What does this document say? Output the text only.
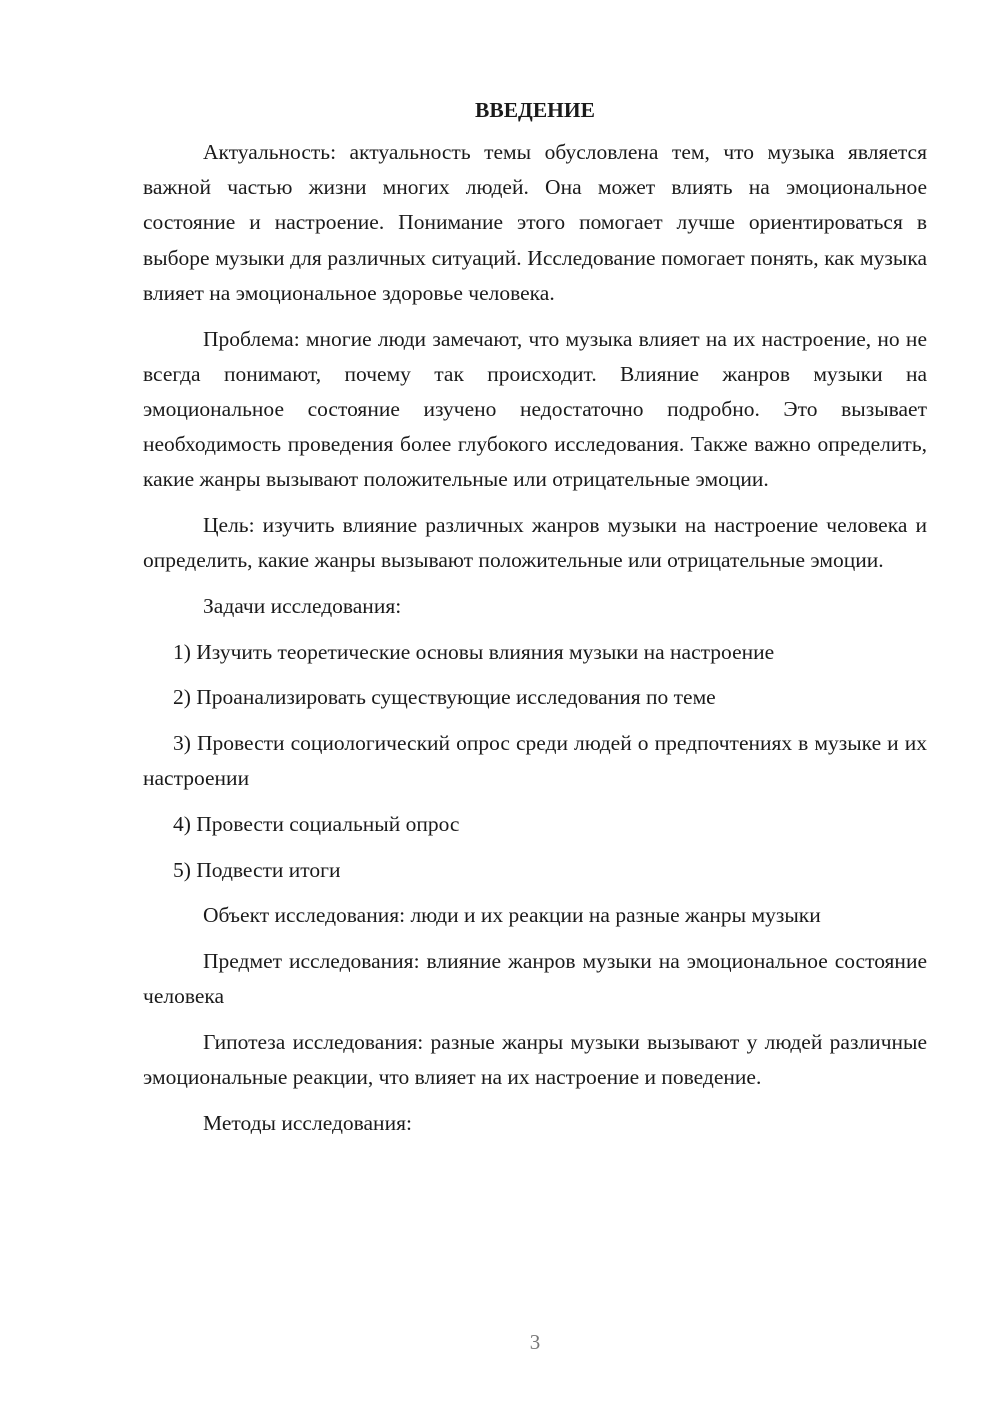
ВВЕДЕНИЕ

Актуальность: актуальность темы обусловлена тем, что музыка является важной частью жизни многих людей. Она может влиять на эмоциональное состояние и настроение. Понимание этого помогает лучше ориентироваться в выборе музыки для различных ситуаций. Исследование помогает понять, как музыка влияет на эмоциональное здоровье человека.

Проблема: многие люди замечают, что музыка влияет на их настроение, но не всегда понимают, почему так происходит. Влияние жанров музыки на эмоциональное состояние изучено недостаточно подробно. Это вызывает необходимость проведения более глубокого исследования. Также важно определить, какие жанры вызывают положительные или отрицательные эмоции.

Цель: изучить влияние различных жанров музыки на настроение человека и определить, какие жанры вызывают положительные или отрицательные эмоции.

Задачи исследования:

1) Изучить теоретические основы влияния музыки на настроение

2) Проанализировать существующие исследования по теме

3) Провести социологический опрос среди людей о предпочтениях в музыке и их настроении

4) Провести социальный опрос

5) Подвести итоги

Объект исследования: люди и их реакции на разные жанры музыки

Предмет исследования: влияние жанров музыки на эмоциональное состояние человека

Гипотеза исследования: разные жанры музыки вызывают у людей различные эмоциональные реакции, что влияет на их настроение и поведение.

Методы исследования:

3
